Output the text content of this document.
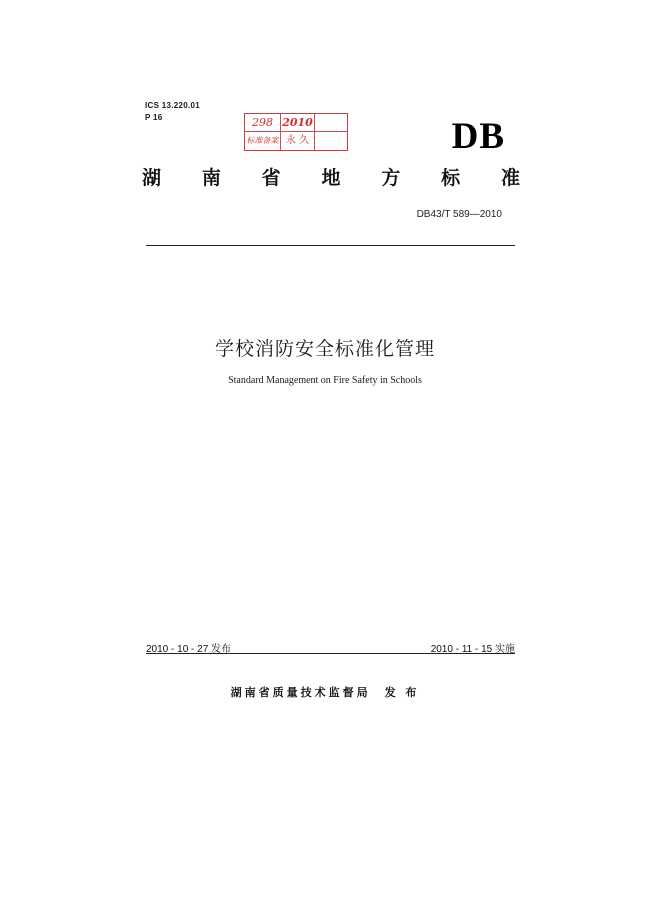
ICS 13.220.01
P 16	298 2010
标准备案 永 久	DB
湖 南 省 地 方 标 准
DB43/T 589—2010
学校消防安全标准化管理
Standard Management on Fire Safety in Schools
2010 - 10 - 27 发布	2010 - 11 - 15 实施
湖南省质量技术监督局　发 布
